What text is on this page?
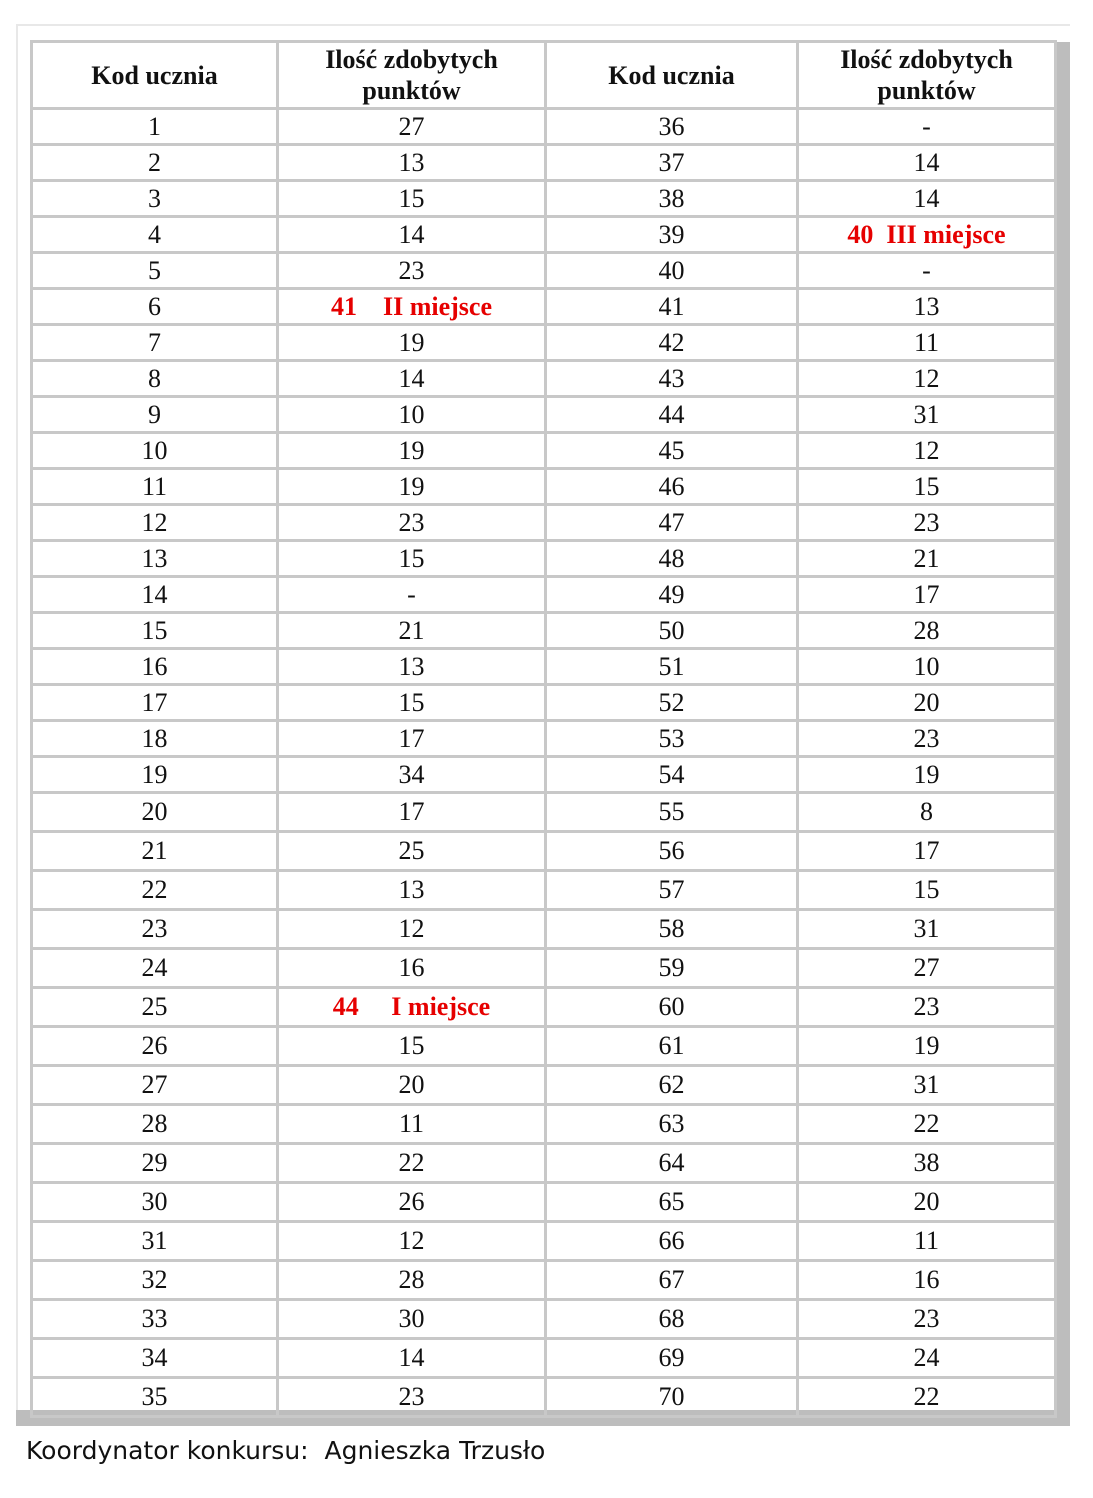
Kod ucznia	Ilość zdobytych punktów	Kod ucznia	Ilość zdobytych punktów
1	27	36	-
2	13	37	14
3	15	38	14
4	14	39	40  III miejsce
5	23	40	-
6	41    II miejsce	41	13
7	19	42	11
8	14	43	12
9	10	44	31
10	19	45	12
11	19	46	15
12	23	47	23
13	15	48	21
14	-	49	17
15	21	50	28
16	13	51	10
17	15	52	20
18	17	53	23
19	34	54	19
20	17	55	8
21	25	56	17
22	13	57	15
23	12	58	31
24	16	59	27
25	44     I miejsce	60	23
26	15	61	19
27	20	62	31
28	11	63	22
29	22	64	38
30	26	65	20
31	12	66	11
32	28	67	16
33	30	68	23
34	14	69	24
35	23	70	22
Koordynator konkursu:  Agnieszka Trzusło
